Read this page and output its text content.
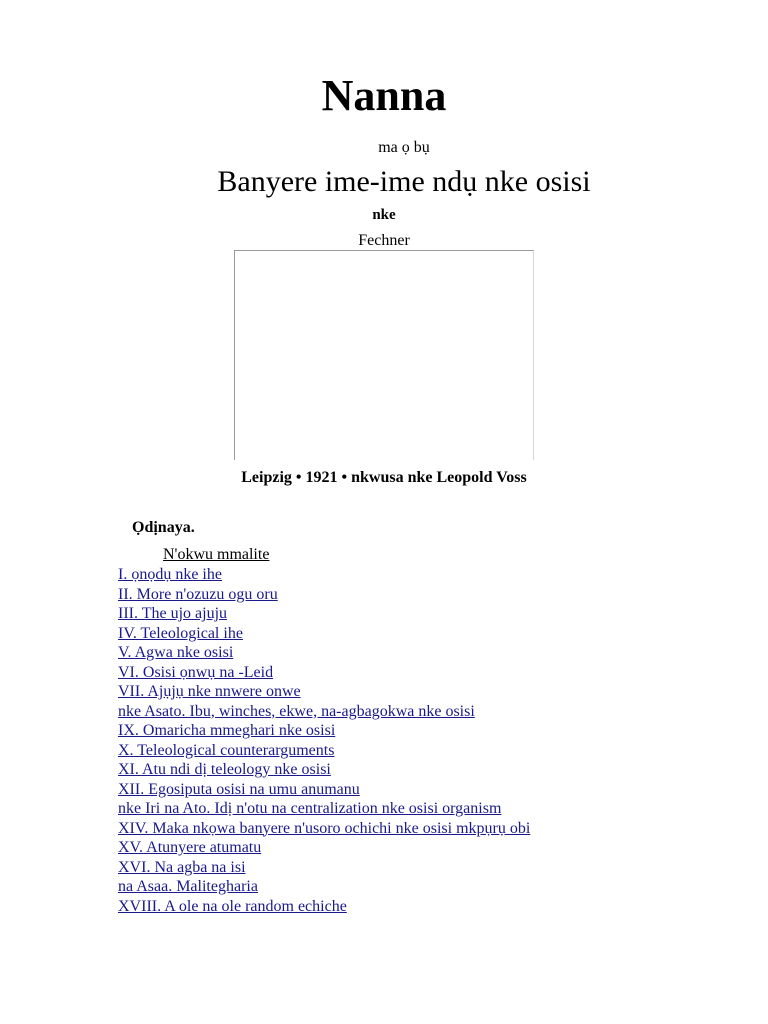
Nanna
ma ọ bụ
Banyere ime-ime ndụ nke osisi
nke
Fechner
Leipzig • 1921 • nkwusa nke Leopold Voss
Ọdịnaya.
N'okwu mmalite
I. ọnọdụ nke ihe
II. More n'ozuzu ogu oru
III. The ujo ajuju
IV. Teleological ihe
V. Agwa nke osisi
VI. Osisi ọnwụ na -Leid
VII. Ajụjụ nke nnwere onwe
nke Asato. Ibu, winches, ekwe, na-agbagokwa nke osisi
IX. Omaricha mmeghari nke osisi
X. Teleological counterarguments
XI. Atu ndi dị teleology nke osisi
XII. Egosiputa osisi na umu anumanu
nke Iri na Ato. Idị n'otu na centralization nke osisi organism
XIV. Maka nkọwa banyere n'usoro ochichi nke osisi mkpụrụ obi
XV. Atunyere atumatu
XVI. Na agba na isi
na Asaa. Malitegharia
XVIII. A ole na ole random echiche
